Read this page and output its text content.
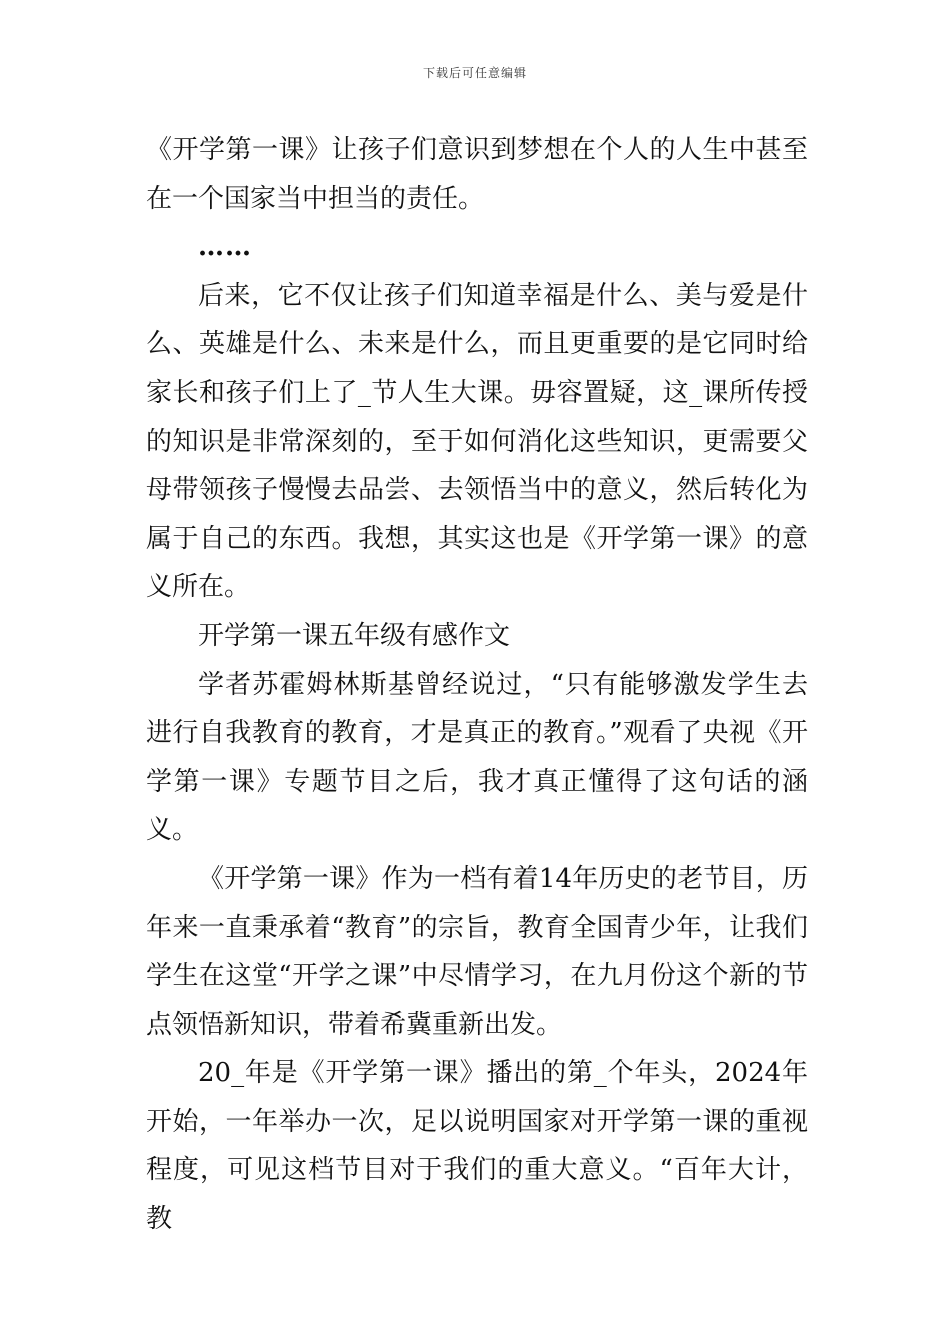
下载后可任意编辑

《开学第一课》让孩子们意识到梦想在个人的人生中甚至在一个国家当中担当的责任。

……

后来，它不仅让孩子们知道幸福是什么、美与爱是什么、英雄是什么、未来是什么，而且更重要的是它同时给家长和孩子们上了_节人生大课。毋容置疑，这_课所传授的知识是非常深刻的，至于如何消化这些知识，更需要父母带领孩子慢慢去品尝、去领悟当中的意义，然后转化为属于自己的东西。我想，其实这也是《开学第一课》的意义所在。

开学第一课五年级有感作文

学者苏霍姆林斯基曾经说过，“只有能够激发学生去进行自我教育的教育，才是真正的教育。”观看了央视《开学第一课》专题节目之后，我才真正懂得了这句话的涵义。

《开学第一课》作为一档有着14年历史的老节目，历年来一直秉承着“教育”的宗旨，教育全国青少年，让我们学生在这堂“开学之课”中尽情学习，在九月份这个新的节点领悟新知识，带着希冀重新出发。

20_年是《开学第一课》播出的第_个年头，2024年开始，一年举办一次，足以说明国家对开学第一课的重视程度，可见这档节目对于我们的重大意义。“百年大计，教
